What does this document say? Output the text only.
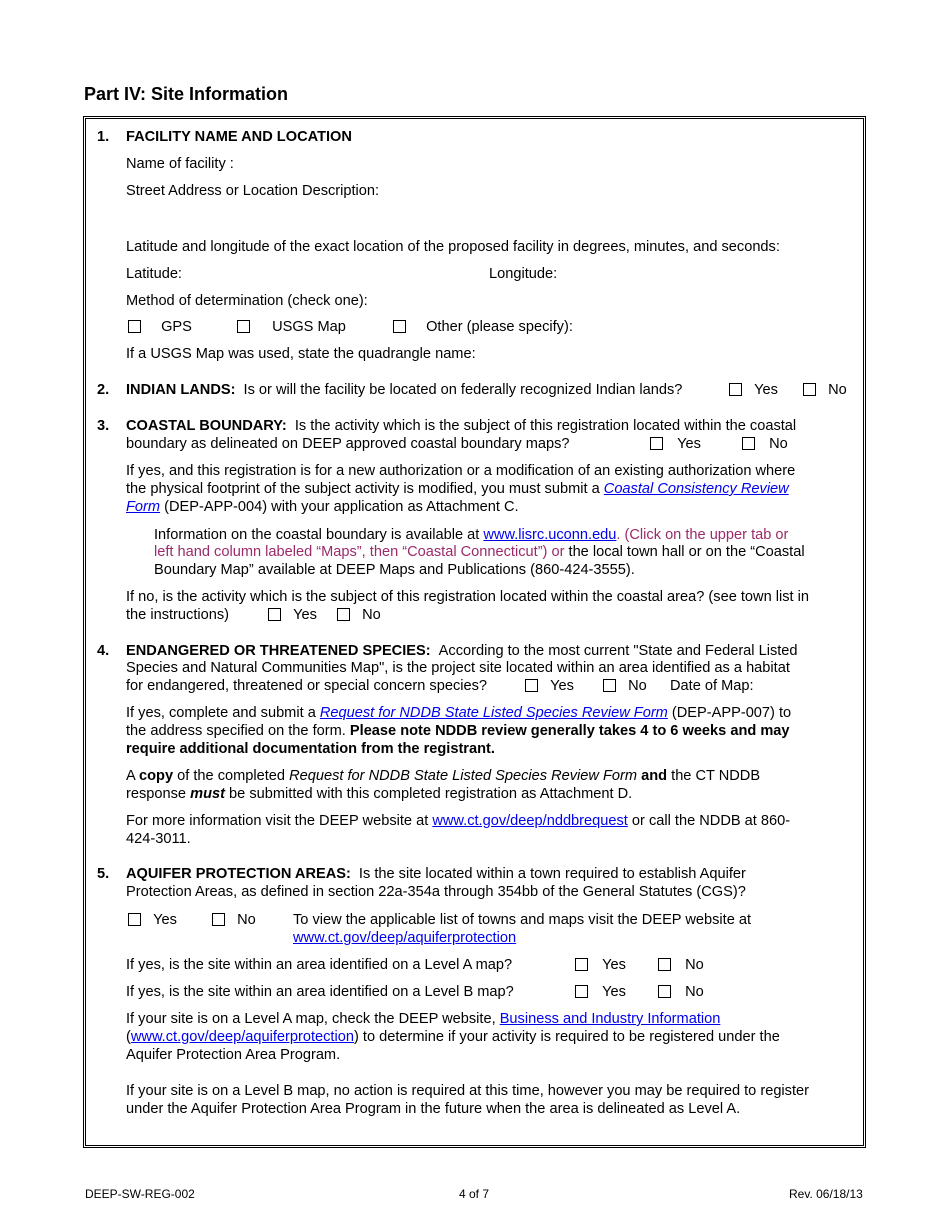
Part IV: Site Information
1. FACILITY NAME AND LOCATION
Name of facility :
Street Address or Location Description:
Latitude and longitude of the exact location of the proposed facility in degrees, minutes, and seconds:
Latitude:	Longitude:
Method of determination (check one):
GPS	USGS Map	Other (please specify):
If a USGS Map was used, state the quadrangle name:
2. INDIAN LANDS: Is or will the facility be located on federally recognized Indian lands?	Yes	No
3. COASTAL BOUNDARY: Is the activity which is the subject of this registration located within the coastal
boundary as delineated on DEEP approved coastal boundary maps?	Yes	No
If yes, and this registration is for a new authorization or a modification of an existing authorization where
the physical footprint of the subject activity is modified, you must submit a Coastal Consistency Review
Form (DEP-APP-004) with your application as Attachment C.
Information on the coastal boundary is available at www.lisrc.uconn.edu. (Click on the upper tab or
left hand column labeled “Maps”, then “Coastal Connecticut”) or the local town hall or on the “Coastal
Boundary Map” available at DEEP Maps and Publications (860-424-3555).
If no, is the activity which is the subject of this registration located within the coastal area? (see town list in
the instructions)	Yes	No
4. ENDANGERED OR THREATENED SPECIES: According to the most current "State and Federal Listed
Species and Natural Communities Map", is the project site located within an area identified as a habitat
for endangered, threatened or special concern species?	Yes	No Date of Map:
If yes, complete and submit a Request for NDDB State Listed Species Review Form (DEP-APP-007) to
the address specified on the form. Please note NDDB review generally takes 4 to 6 weeks and may
require additional documentation from the registrant.
A copy of the completed Request for NDDB State Listed Species Review Form and the CT NDDB
response must be submitted with this completed registration as Attachment D.
For more information visit the DEEP website at www.ct.gov/deep/nddbrequest or call the NDDB at 860-
424-3011.
5. AQUIFER PROTECTION AREAS: Is the site located within a town required to establish Aquifer
Protection Areas, as defined in section 22a-354a through 354bb of the General Statutes (CGS)?
Yes	No	To view the applicable list of towns and maps visit the DEEP website at
www.ct.gov/deep/aquiferprotection
If yes, is the site within an area identified on a Level A map?	Yes	No
If yes, is the site within an area identified on a Level B map?	Yes	No
If your site is on a Level A map, check the DEEP website, Business and Industry Information
(www.ct.gov/deep/aquiferprotection) to determine if your activity is required to be registered under the
Aquifer Protection Area Program.
If your site is on a Level B map, no action is required at this time, however you may be required to register
under the Aquifer Protection Area Program in the future when the area is delineated as Level A.
DEEP-SW-REG-002	4 of 7	Rev. 06/18/13
